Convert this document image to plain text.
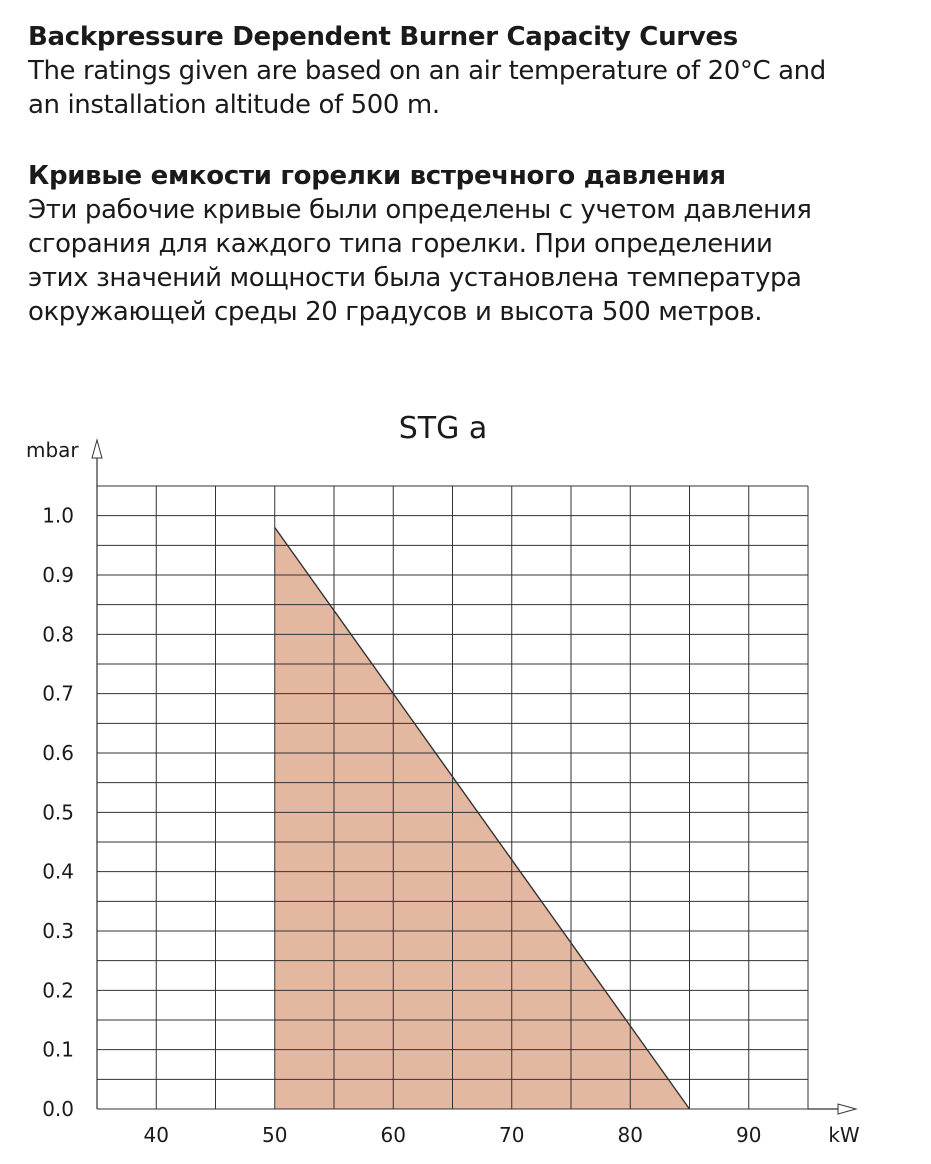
Backpressure Dependent Burner Capacity Curves

The ratings given are based on an air temperature of 20°C and

an installation altitude of 500 m.

Кривые емкости горелки встречного давления

Эти рабочие кривые были определены с учетом давления

сгорания для каждого типа горелки. При определении

этих значений мощности была установлена температура

окружающей среды 20 градусов и высота 500 метров.

STG a
mbar
kW
0.0
0.1
0.2
0.3
0.4
0.5
0.6
0.7
0.8
0.9
1.0
40	50	60	70	80	90
